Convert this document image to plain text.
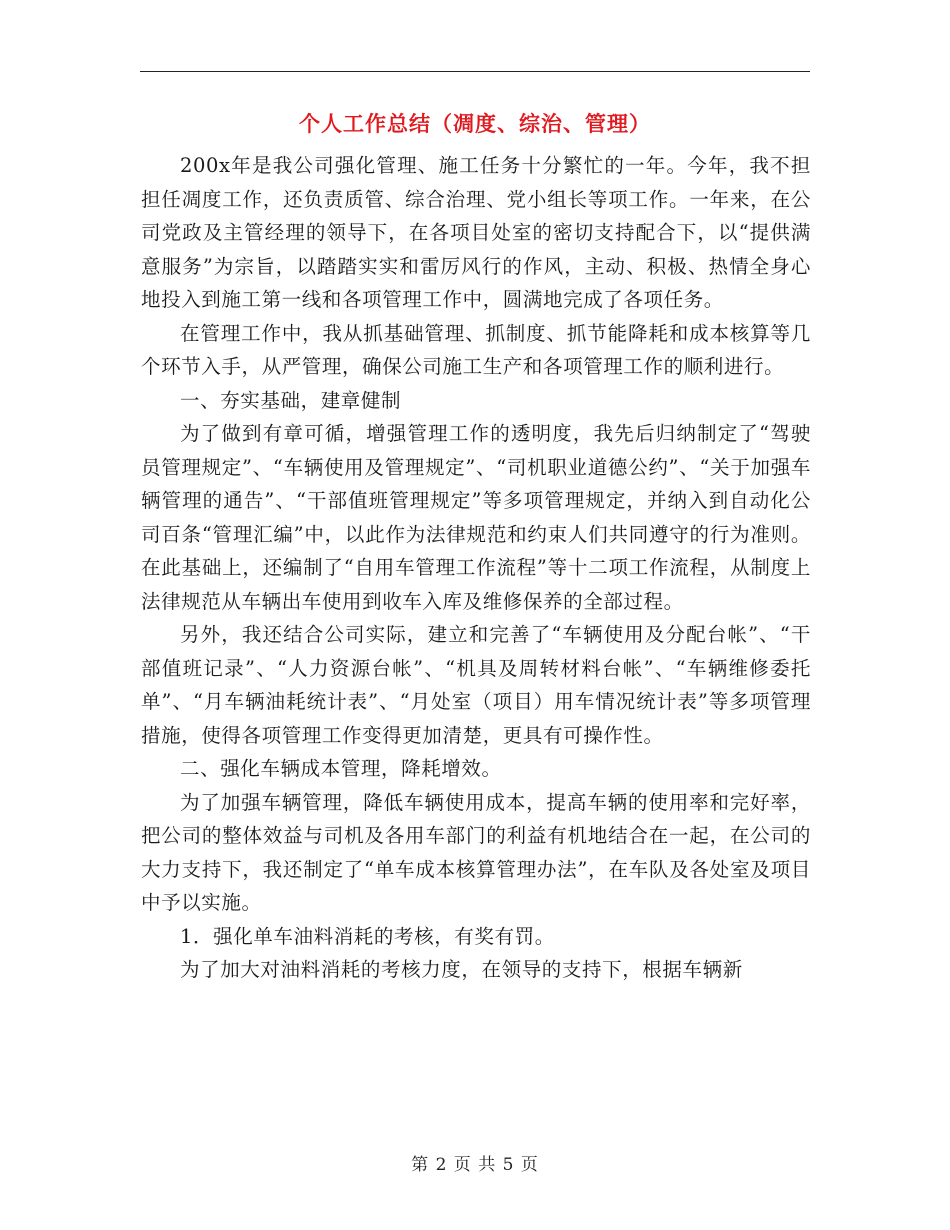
个人工作总结（凋度、综治、管理）

200x年是我公司强化管理、施工任务十分繁忙的一年。今年，我不担担任凋度工作，还负责质管、综合治理、党小组长等项工作。一年来，在公司党政及主管经理的领导下，在各项目处室的密切支持配合下，以“提供满意服务”为宗旨，以踏踏实实和雷厉风行的作风，主动、积极、热情全身心地投入到施工第一线和各项管理工作中，圆满地完成了各项任务。

在管理工作中，我从抓基础管理、抓制度、抓节能降耗和成本核算等几个环节入手，从严管理，确保公司施工生产和各项管理工作的顺利进行。

一、夯实基础，建章健制

为了做到有章可循，增强管理工作的透明度，我先后归纳制定了“驾驶员管理规定”、“车辆使用及管理规定”、“司机职业道德公约”、“关于加强车辆管理的通告”、“干部值班管理规定”等多项管理规定，并纳入到自动化公司百条“管理汇编”中，以此作为法律规范和约束人们共同遵守的行为准则。在此基础上，还编制了“自用车管理工作流程”等十二项工作流程，从制度上法律规范从车辆出车使用到收车入库及维修保养的全部过程。

另外，我还结合公司实际，建立和完善了“车辆使用及分配台帐”、“干部值班记录”、“人力资源台帐”、“机具及周转材料台帐”、“车辆维修委托单”、“月车辆油耗统计表”、“月处室（项目）用车情况统计表”等多项管理措施，使得各项管理工作变得更加清楚，更具有可操作性。

二、强化车辆成本管理，降耗增效。

为了加强车辆管理，降低车辆使用成本，提高车辆的使用率和完好率，把公司的整体效益与司机及各用车部门的利益有机地结合在一起，在公司的大力支持下，我还制定了“单车成本核算管理办法”，在车队及各处室及项目中予以实施。

1．强化单车油料消耗的考核，有奖有罚。

为了加大对油料消耗的考核力度，在领导的支持下，根据车辆新

第 2 页 共 5 页
